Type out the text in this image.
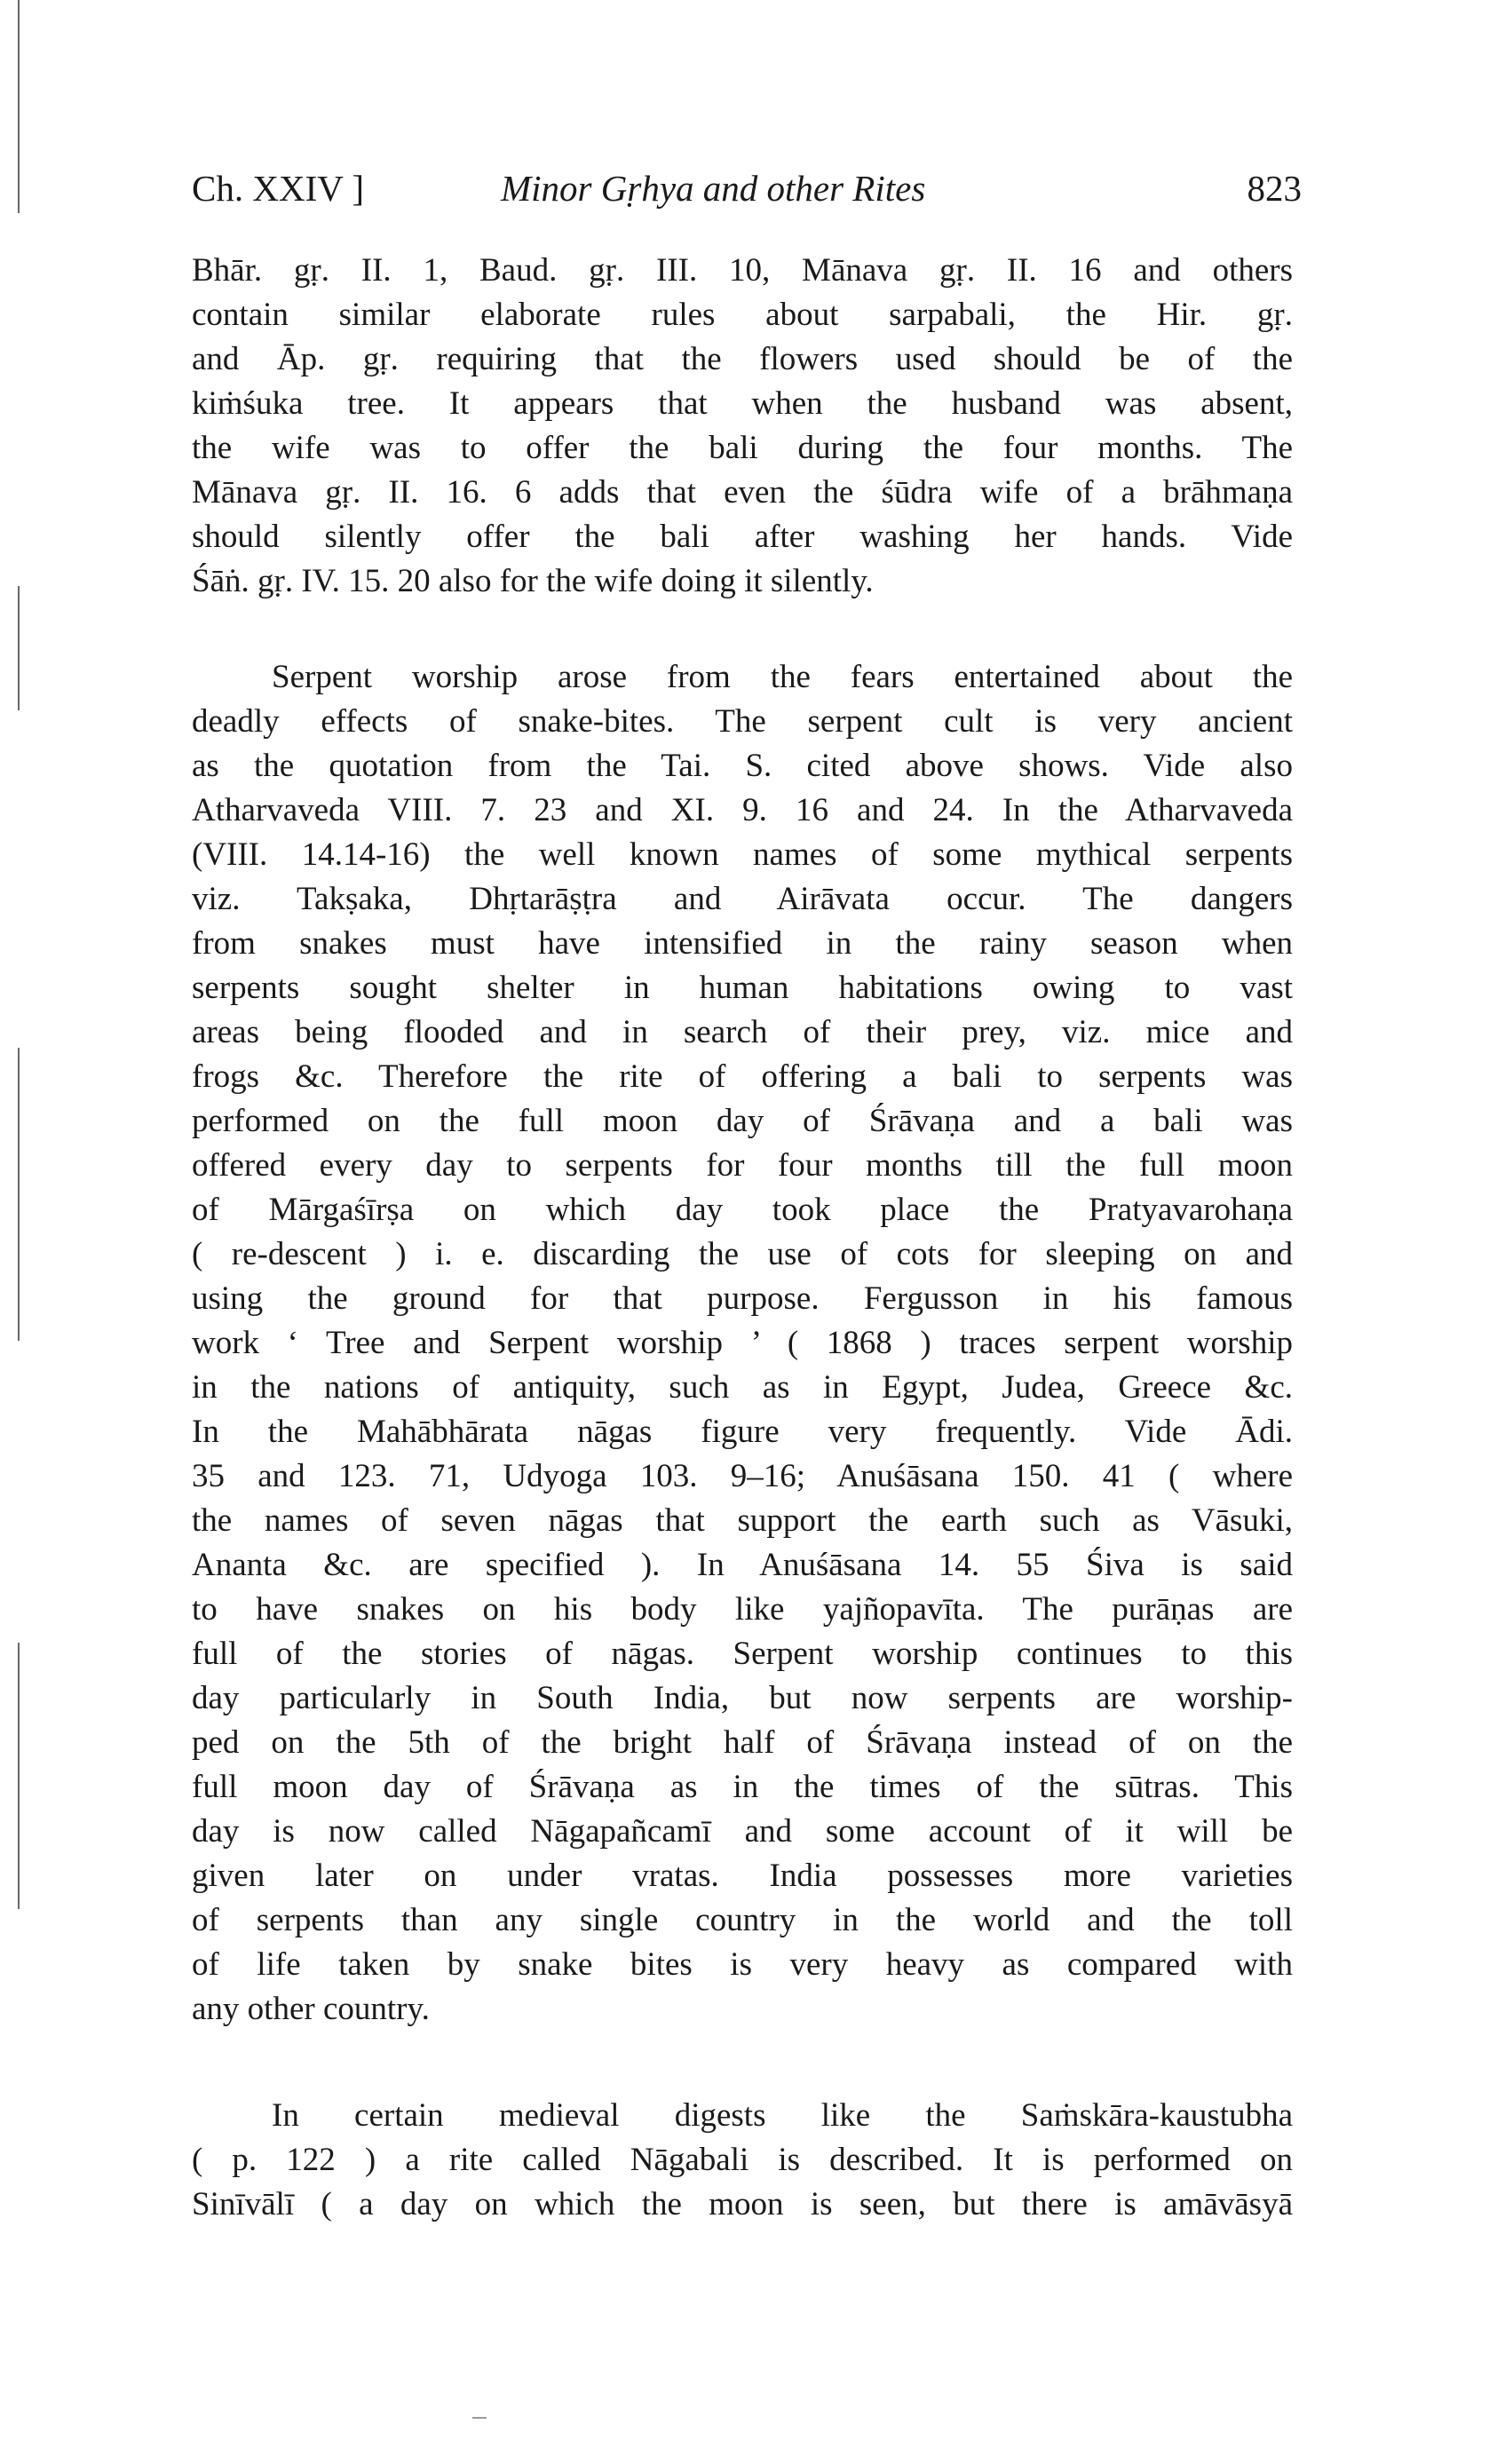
Ch. XXIV ]	Minor Gṛhya and other Rites	823
Bhār. gṛ. II. 1, Baud. gṛ. III. 10, Mānava gṛ. II. 16 and others
contain similar elaborate rules about sarpabali, the Hir. gṛ.
and Āp. gṛ. requiring that the flowers used should be of the
kiṁśuka tree. It appears that when the husband was absent,
the wife was to offer the bali during the four months. The
Mānava gṛ. II. 16. 6 adds that even the śūdra wife of a brāhmaṇa
should silently offer the bali after washing her hands. Vide
Śāṅ. gṛ. IV. 15. 20 also for the wife doing it silently.
Serpent worship arose from the fears entertained about the
deadly effects of snake-bites. The serpent cult is very ancient
as the quotation from the Tai. S. cited above shows. Vide also
Atharvaveda VIII. 7. 23 and XI. 9. 16 and 24. In the Atharvaveda
(VIII. 14.14-16) the well known names of some mythical serpents
viz. Takṣaka, Dhṛtarāṣṭra and Airāvata occur. The dangers
from snakes must have intensified in the rainy season when
serpents sought shelter in human habitations owing to vast
areas being flooded and in search of their prey, viz. mice and
frogs &c. Therefore the rite of offering a bali to serpents was
performed on the full moon day of Śrāvaṇa and a bali was
offered every day to serpents for four months till the full moon
of Mārgaśīrṣa on which day took place the Pratyavarohaṇa
( re-descent ) i. e. discarding the use of cots for sleeping on and
using the ground for that purpose. Fergusson in his famous
work ‘ Tree and Serpent worship ’ ( 1868 ) traces serpent worship
in the nations of antiquity, such as in Egypt, Judea, Greece &c.
In the Mahābhārata nāgas figure very frequently. Vide Ādi.
35 and 123. 71, Udyoga 103. 9–16; Anuśāsana 150. 41 ( where
the names of seven nāgas that support the earth such as Vāsuki,
Ananta &c. are specified ). In Anuśāsana 14. 55 Śiva is said
to have snakes on his body like yajñopavīta. The purāṇas are
full of the stories of nāgas. Serpent worship continues to this
day particularly in South India, but now serpents are worship-
ped on the 5th of the bright half of Śrāvaṇa instead of on the
full moon day of Śrāvaṇa as in the times of the sūtras. This
day is now called Nāgapañcamī and some account of it will be
given later on under vratas. India possesses more varieties
of serpents than any single country in the world and the toll
of life taken by snake bites is very heavy as compared with
any other country.
In certain medieval digests like the Saṁskāra-kaustubha
( p. 122 ) a rite called Nāgabali is described. It is performed on
Sinīvālī ( a day on which the moon is seen, but there is amāvāsyā
